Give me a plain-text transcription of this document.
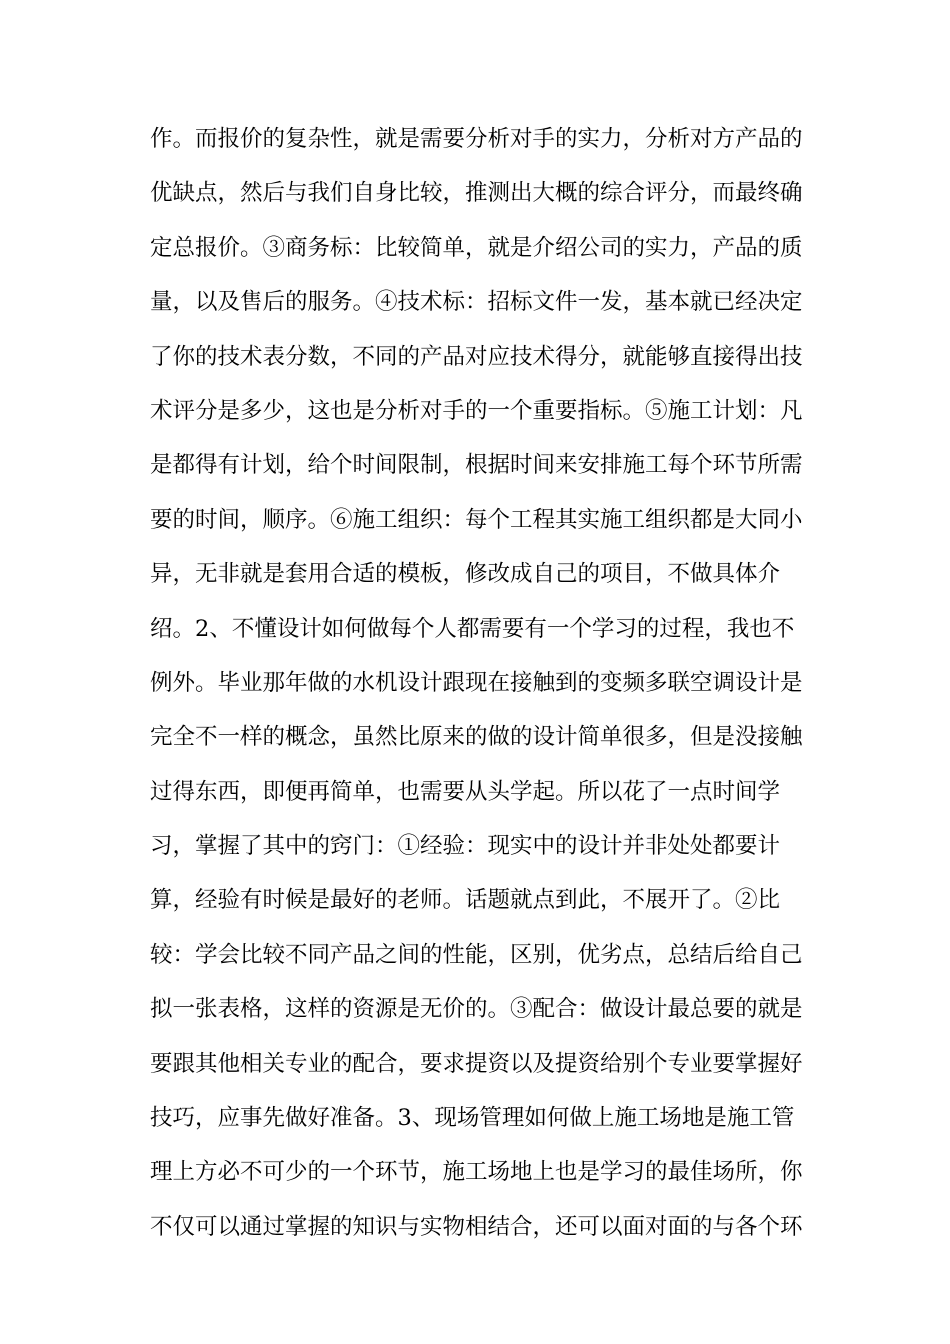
作。而报价的复杂性，就是需要分析对手的实力，分析对方产品的
优缺点，然后与我们自身比较，推测出大概的综合评分，而最终确
定总报价。③商务标：比较简单，就是介绍公司的实力，产品的质
量，以及售后的服务。④技术标：招标文件一发，基本就已经决定
了你的技术表分数，不同的产品对应技术得分，就能够直接得出技
术评分是多少，这也是分析对手的一个重要指标。⑤施工计划：凡
是都得有计划，给个时间限制，根据时间来安排施工每个环节所需
要的时间，顺序。⑥施工组织：每个工程其实施工组织都是大同小
异，无非就是套用合适的模板，修改成自己的项目，不做具体介
绍。2、不懂设计如何做每个人都需要有一个学习的过程，我也不
例外。毕业那年做的水机设计跟现在接触到的变频多联空调设计是
完全不一样的概念，虽然比原来的做的设计简单很多，但是没接触
过得东西，即便再简单，也需要从头学起。所以花了一点时间学
习，掌握了其中的窍门：①经验：现实中的设计并非处处都要计
算，经验有时候是最好的老师。话题就点到此，不展开了。②比
较：学会比较不同产品之间的性能，区别，优劣点，总结后给自己
拟一张表格，这样的资源是无价的。③配合：做设计最总要的就是
要跟其他相关专业的配合，要求提资以及提资给别个专业要掌握好
技巧，应事先做好准备。3、现场管理如何做上施工场地是施工管
理上方必不可少的一个环节，施工场地上也是学习的最佳场所，你
不仅可以通过掌握的知识与实物相结合，还可以面对面的与各个环
